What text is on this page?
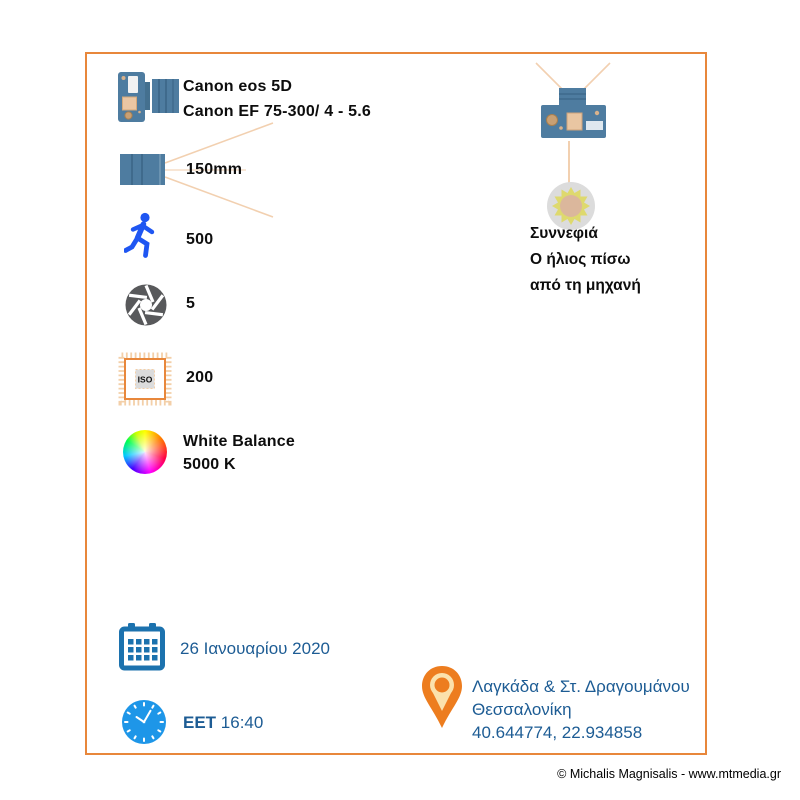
Canon eos 5D
Canon EF 75-300/ 4 - 5.6
150mm
500
5
ISO 200
White Balance
5000 K
Συννεφιά
Ο ήλιος πίσω
από τη μηχανή
26 Ιανουαρίου 2020
EET 16:40
Λαγκάδα & Στ. Δραγουμάνου
Θεσσαλονίκη
40.644774, 22.934858
© Michalis Magnisalis - www.mtmedia.gr
